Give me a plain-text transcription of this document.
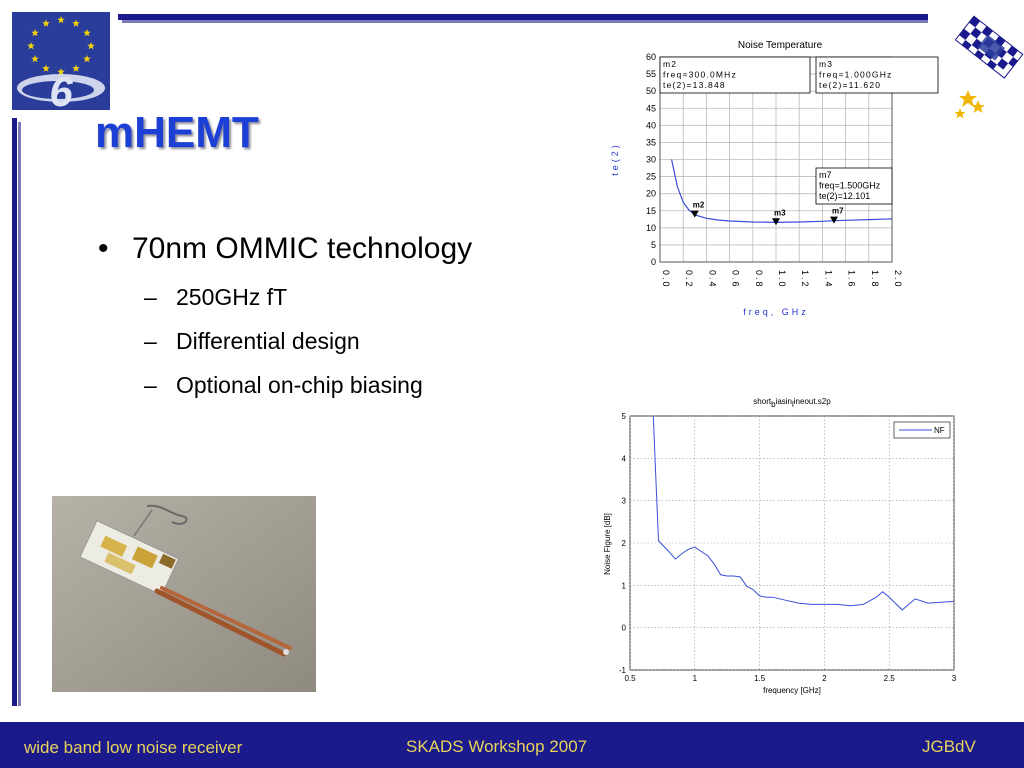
6
mHEMT
• 70nm OMMIC technology
– 250GHz fT
– Differential design
– Optional on-chip biasing
Noise Temperature
0
5
10
15
20
25
30
35
40
45
50
55
60
0.0 0.2 0.4 0.6 0.8 1.0 1.2 1.4 1.6 1.8 2.0
te(2)
freq, GHz
m2
m3	m7
m2
freq=300.0MHz
te(2)=13.848
m3
freq=1.000GHz
te(2)=11.620
m7
freq=1.500GHz
te(2)=12.101
shortbiasinlineout.s2p
-1
0
1
2
3
4
5
0.5	1	1.5	2	2.5	3
frequency [GHz]
Noise Figure [dB]
NF
wide band low noise receiver	SKADS Workshop 2007	JGBdV
